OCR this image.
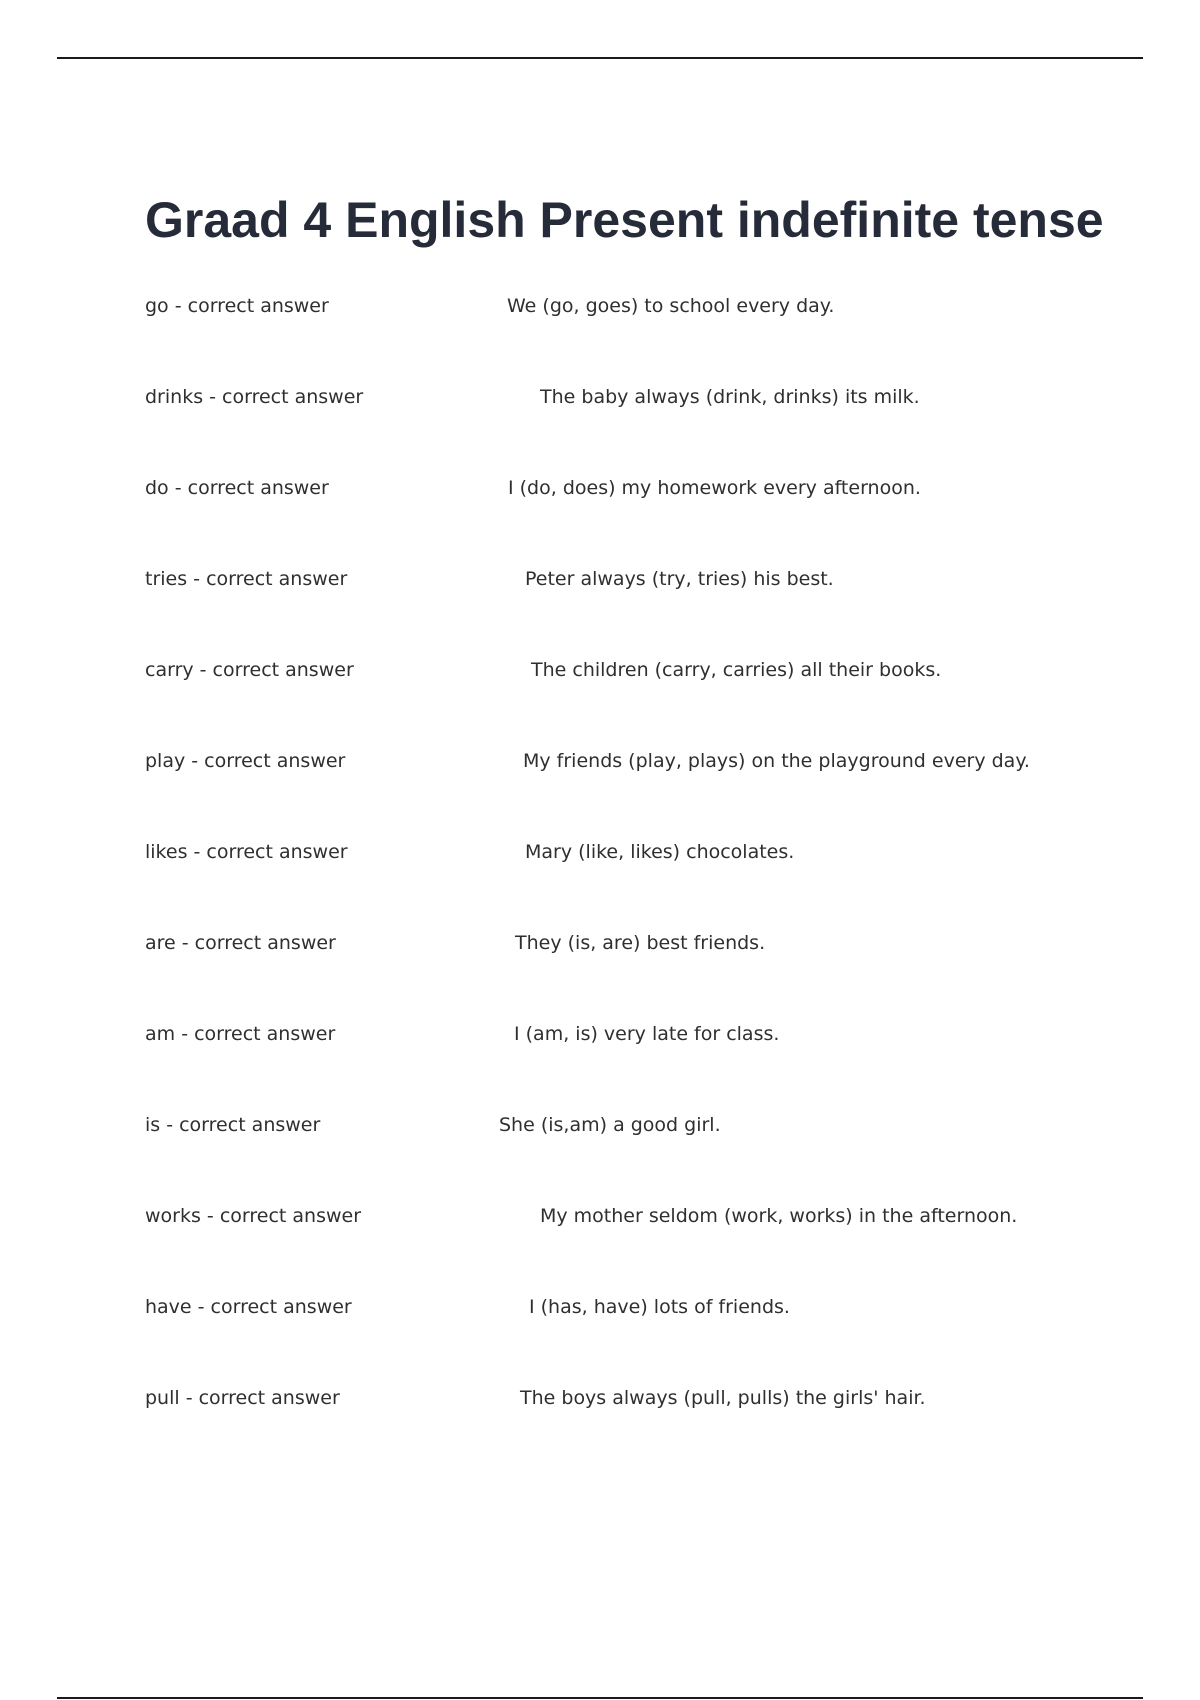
Graad 4 English Present indefinite tense
go - correct answer	We (go, goes) to school every day.
drinks - correct answer	The baby always (drink, drinks) its milk.
do - correct answer	I (do, does) my homework every afternoon.
tries - correct answer	Peter always (try, tries) his best.
carry - correct answer	The children (carry, carries) all their books.
play - correct answer	My friends (play, plays) on the playground every day.
likes - correct answer	Mary (like, likes) chocolates.
are - correct answer	They (is, are) best friends.
am - correct answer	I (am, is) very late for class.
is - correct answer	She (is,am) a good girl.
works - correct answer	My mother seldom (work, works) in the afternoon.
have - correct answer	I (has, have) lots of friends.
pull - correct answer	The boys always (pull, pulls) the girls' hair.
